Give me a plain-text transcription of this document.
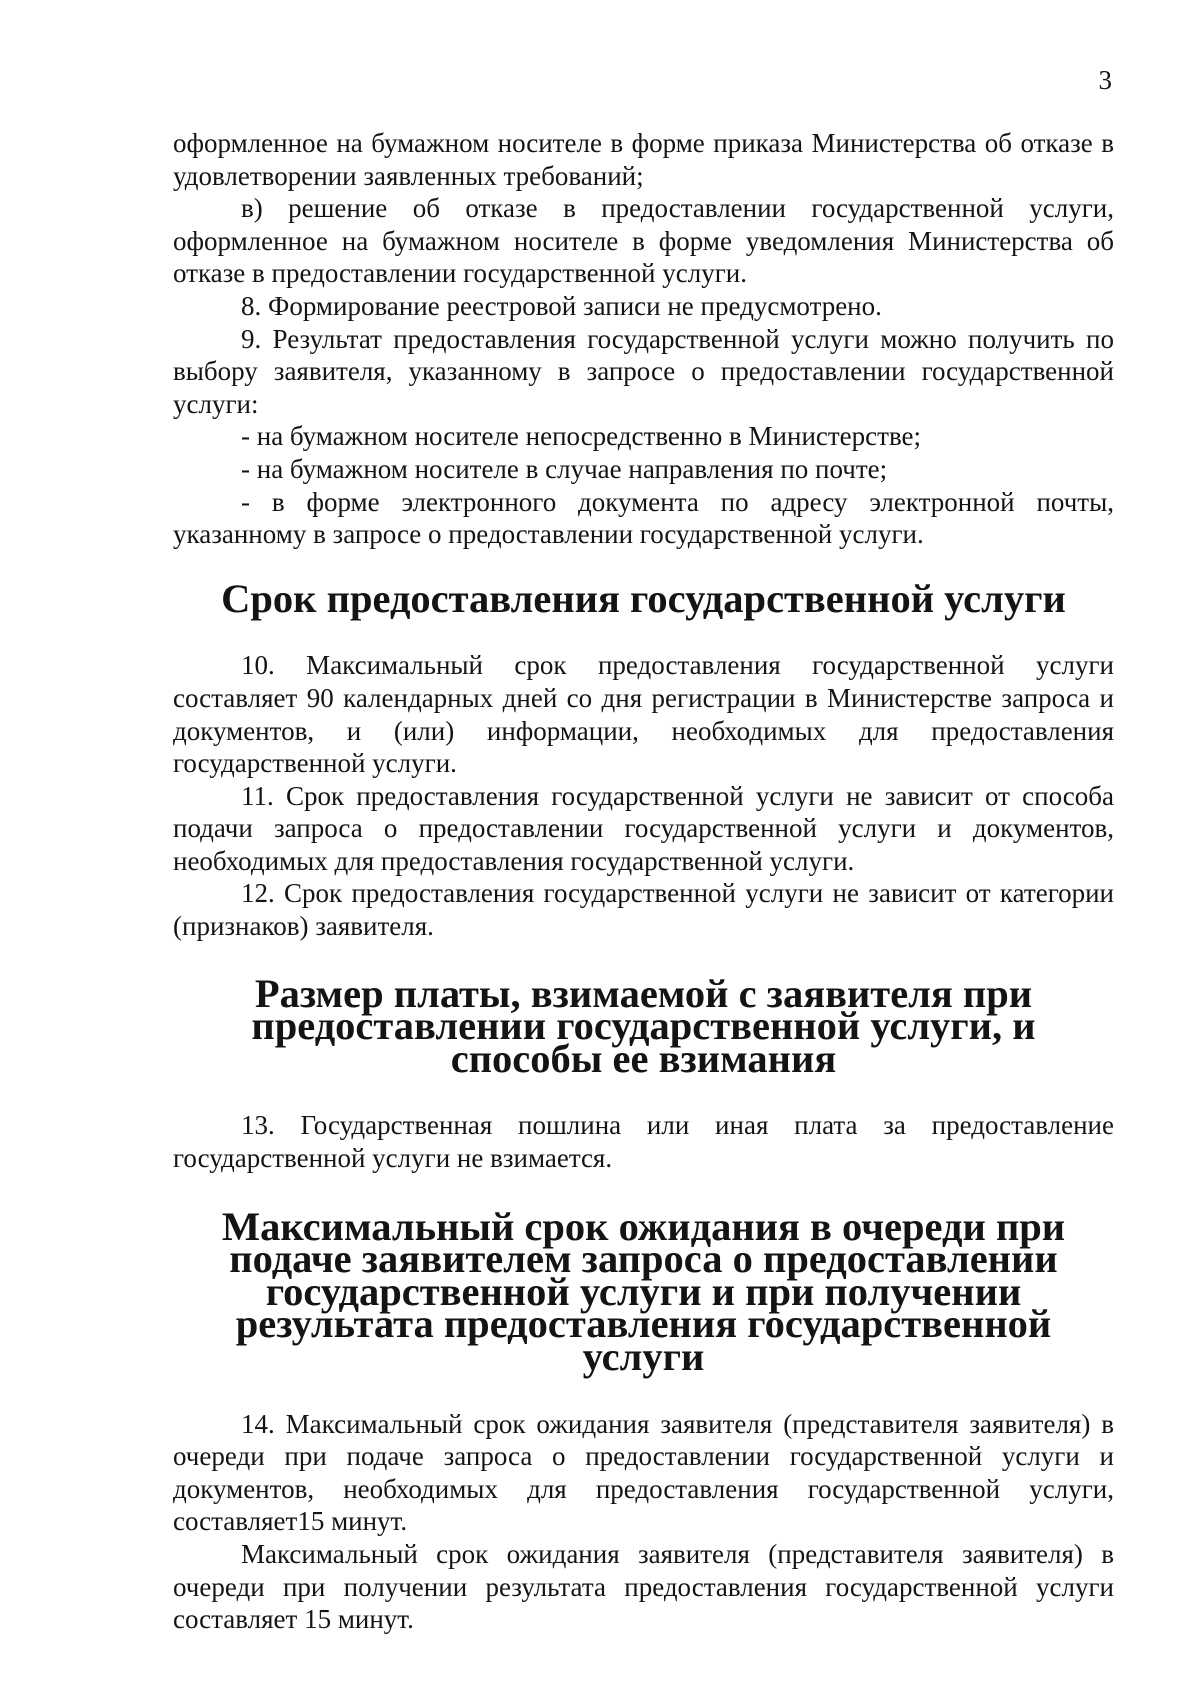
3

оформленное на бумажном носителе в форме приказа Министерства об отказе в удовлетворении заявленных требований;

в) решение об отказе в предоставлении государственной услуги, оформленное на бумажном носителе в форме уведомления Министерства об отказе в предоставлении государственной услуги.

8. Формирование реестровой записи не предусмотрено.

9. Результат предоставления государственной услуги можно получить по выбору заявителя, указанному в запросе о предоставлении государственной услуги:

- на бумажном носителе непосредственно в Министерстве;

- на бумажном носителе в случае направления по почте;

- в форме электронного документа по адресу электронной почты, указанному в запросе о предоставлении государственной услуги.

Срок предоставления государственной услуги

10. Максимальный срок предоставления государственной услуги составляет 90 календарных дней со дня регистрации в Министерстве запроса и документов, и (или) информации, необходимых для предоставления государственной услуги.

11. Срок предоставления государственной услуги не зависит от способа подачи запроса о предоставлении государственной услуги и документов, необходимых для предоставления государственной услуги.

12. Срок предоставления государственной услуги не зависит от категории (признаков) заявителя.

Размер платы, взимаемой с заявителя при предоставлении государственной услуги, и способы ее взимания

13. Государственная пошлина или иная плата за предоставление государственной услуги не взимается.

Максимальный срок ожидания в очереди при подаче заявителем запроса о предоставлении государственной услуги и при получении результата предоставления государственной услуги

14. Максимальный срок ожидания заявителя (представителя заявителя) в очереди при подаче запроса о предоставлении государственной услуги и документов, необходимых для предоставления государственной услуги, составляет15 минут.

Максимальный срок ожидания заявителя (представителя заявителя) в очереди при получении результата предоставления государственной услуги составляет 15 минут.
